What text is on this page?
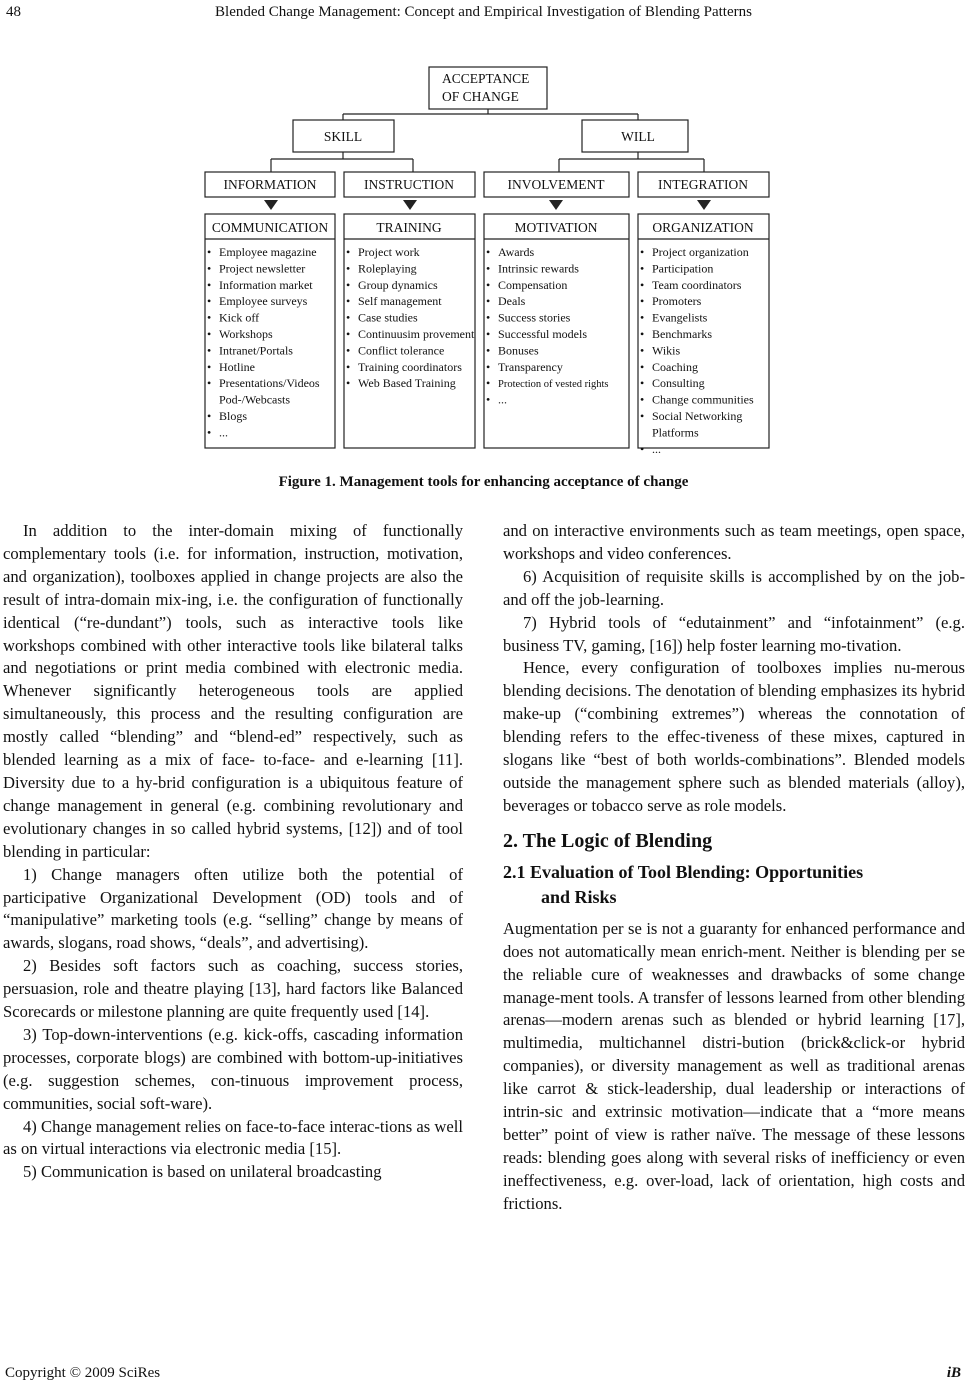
48	Blended Change Management: Concept and Empirical Investigation of Blending Patterns
ACCEPTANCE
OF CHANGE
SKILL	WILL
INFORMATION	INSTRUCTION	INVOLVEMENT	INTEGRATION
COMMUNICATION	TRAINING	MOTIVATION	ORGANIZATION
• Employee magazine
• Project newsletter
• Information market
• Employee surveys
• Kick off
• Workshops
• Intranet/Portals
• Hotline
• Presentations/Videos
Pod-/Webcasts
• Blogs
• ...
• Project work
• Roleplaying
• Group dynamics
• Self management
• Case studies
• Continuusim provement
• Conflict tolerance
• Training coordinators
• Web Based Training
• Awards
• Intrinsic rewards
• Compensation
• Deals
• Success stories
• Successful models
• Bonuses
• Transparency
• Protection of vested rights
• ...
• Project organization
• Participation
• Team coordinators
• Promoters
• Evangelists
• Benchmarks
• Wikis
• Coaching
• Consulting
• Change communities
• Social Networking
Platforms
• ...
Figure 1. Management tools for enhancing acceptance of change

In addition to the inter-domain mixing of functionally complementary tools (i.e. for information, instruction, motivation, and organization), toolboxes applied in change projects are also the result of intra-domain mix-ing, i.e. the configuration of functionally identical (“re-dundant”) tools, such as interactive tools like workshops combined with other interactive tools like bilateral talks and negotiations or print media combined with electronic media. Whenever significantly heterogeneous tools are applied simultaneously, this process and the resulting configuration are mostly called “blending” and “blend-ed” respectively, such as blended learning as a mix of face- to-face- and e-learning [11]. Diversity due to a hy-brid configuration is a ubiquitous feature of change management in general (e.g. combining revolutionary and evolutionary changes in so called hybrid systems, [12]) and of tool blending in particular:

1) Change managers often utilize both the potential of participative Organizational Development (OD) tools and of “manipulative” marketing tools (e.g. “selling” change by means of awards, slogans, road shows, “deals”, and advertising).

2) Besides soft factors such as coaching, success stories, persuasion, role and theatre playing [13], hard factors like Balanced Scorecards or milestone planning are quite frequently used [14].

3) Top-down-interventions (e.g. kick-offs, cascading information processes, corporate blogs) are combined with bottom-up-initiatives (e.g. suggestion schemes, con-tinuous improvement process, communities, social soft-ware).

4) Change management relies on face-to-face interac-tions as well as on virtual interactions via electronic media [15].

5) Communication is based on unilateral broadcasting

and on interactive environments such as team meetings, open space, workshops and video conferences.

6) Acquisition of requisite skills is accomplished by on the job- and off the job-learning.

7) Hybrid tools of “edutainment” and “infotainment” (e.g. business TV, gaming, [16]) help foster learning mo-tivation.

Hence, every configuration of toolboxes implies nu-merous blending decisions. The denotation of blending emphasizes its hybrid make-up (“combining extremes”) whereas the connotation of blending refers to the effec-tiveness of these mixes, captured in slogans like “best of both worlds-combinations”. Blended models outside the management sphere such as blended materials (alloy), beverages or tobacco serve as role models.

2. The Logic of Blending
2.1 Evaluation of Tool Blending: Opportunities
and Risks

Augmentation per se is not a guaranty for enhanced performance and does not automatically mean enrich-ment. Neither is blending per se the reliable cure of weaknesses and drawbacks of some change manage-ment tools. A transfer of lessons learned from other blending arenas—modern arenas such as blended or hybrid learning [17], multimedia, multichannel distri-bution (brick&click-or hybrid companies), or diversity management as well as traditional arenas like carrot & stick-leadership, dual leadership or interactions of intrin-sic and extrinsic motivation—indicate that a “more means better” point of view is rather naïve. The message of these lessons reads: blending goes along with several risks of inefficiency or even ineffectiveness, e.g. over-load, lack of orientation, high costs and frictions.

Copyright © 2009 SciRes	iB
